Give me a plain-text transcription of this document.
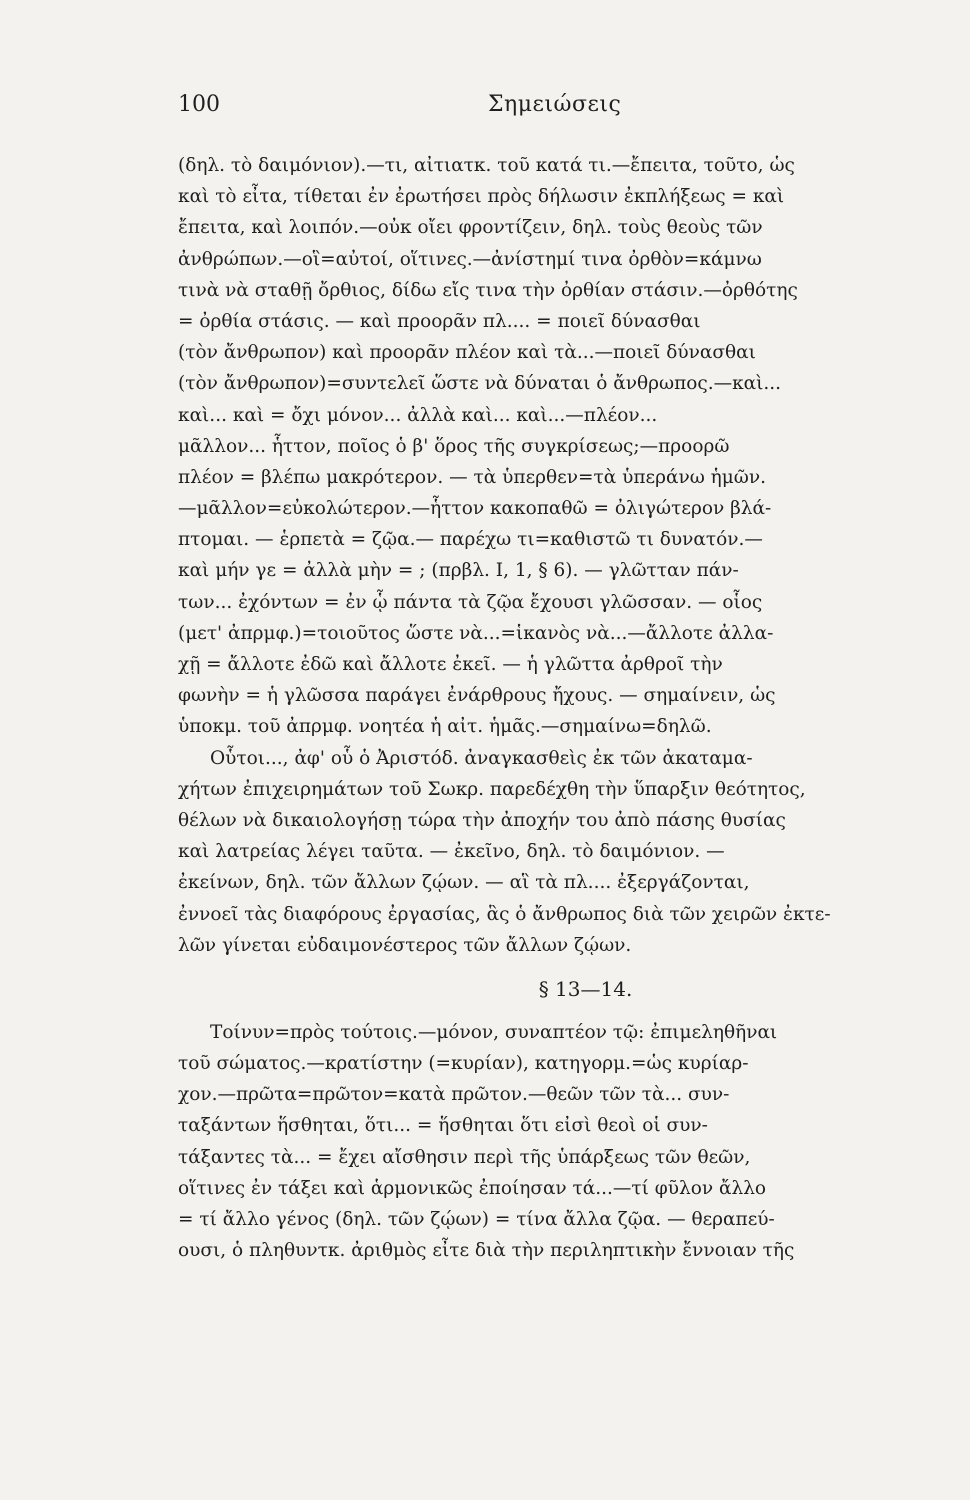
100	Σημειώσεις
(δηλ. τὸ δαιμόνιον).—τι, αἰτιατκ. τοῦ κατά τι.—ἔπειτα, τοῦτο, ὡς
καὶ τὸ εἶτα, τίθεται ἐν ἐρωτήσει πρὸς δήλωσιν ἐκπλήξεως = καὶ
ἔπειτα, καὶ λοιπόν.—οὐκ οἴει φροντίζειν, δηλ. τοὺς θεοὺς τῶν
ἀνθρώπων.—οἳ=αὐτοί, οἵτινες.—ἀνίστημί τινα ὀρθὸν=κάμνω
τινὰ νὰ σταθῇ ὄρθιος, δίδω εἴς τινα τὴν ὀρθίαν στάσιν.—ὀρθότης
= ὀρθία στάσις. — καὶ προορᾶν πλ.... = ποιεῖ δύνασθαι
(τὸν ἄνθρωπον) καὶ προορᾶν πλέον καὶ τὰ...—ποιεῖ δύνασθαι
(τὸν ἄνθρωπον)=συντελεῖ ὥστε νὰ δύναται ὁ ἄνθρωπος.—καὶ...
καὶ... καὶ = ὄχι μόνον... ἀλλὰ καὶ... καὶ...—πλέον...
μᾶλλον... ἧττον, ποῖος ὁ β' ὅρος τῆς συγκρίσεως;—προορῶ
πλέον = βλέπω μακρότερον. — τὰ ὑπερθεν=τὰ ὑπεράνω ἡμῶν.
—μᾶλλον=εὐκολώτερον.—ἧττον κακοπαθῶ = ὀλιγώτερον βλά-
πτομαι. — ἑρπετὰ = ζῷα.— παρέχω τι=καθιστῶ τι δυνατόν.—
καὶ μήν γε = ἀλλὰ μὴν = ; (πρβλ. I, 1, § 6). — γλῶτταν πάν-
των... ἐχόντων = ἐν ᾧ πάντα τὰ ζῷα ἔχουσι γλῶσσαν. — οἷος
(μετ' ἀπρμφ.)=τοιοῦτος ὥστε νὰ...=ἱκανὸς νὰ...—ἄλλοτε ἀλλα-
χῇ = ἄλλοτε ἐδῶ καὶ ἄλλοτε ἐκεῖ. — ἡ γλῶττα ἀρθροῖ τὴν
φωνὴν = ἡ γλῶσσα παράγει ἐνάρθρους ἤχους. — σημαίνειν, ὡς
ὑποκμ. τοῦ ἀπρμφ. νοητέα ἡ αἰτ. ἡμᾶς.—σημαίνω=δηλῶ.
Οὗτοι..., ἀφ' οὗ ὁ Ἀριστόδ. ἀναγκασθεὶς ἐκ τῶν ἀκαταμα-
χήτων ἐπιχειρημάτων τοῦ Σωκρ. παρεδέχθη τὴν ὕπαρξιν θεότητος,
θέλων νὰ δικαιολογήσῃ τώρα τὴν ἀποχήν του ἀπὸ πάσης θυσίας
καὶ λατρείας λέγει ταῦτα. — ἐκεῖνο, δηλ. τὸ δαιμόνιον. —
ἐκείνων, δηλ. τῶν ἄλλων ζῴων. — αἳ τὰ πλ.... ἐξεργάζονται,
ἐννοεῖ τὰς διαφόρους ἐργασίας, ἃς ὁ ἄνθρωπος διὰ τῶν χειρῶν ἐκτε-
λῶν γίνεται εὐδαιμονέστερος τῶν ἄλλων ζῴων.
§ 13—14.
Τοίνυν=πρὸς τούτοις.—μόνον, συναπτέον τῷ: ἐπιμεληθῆναι
τοῦ σώματος.—κρατίστην (=κυρίαν), κατηγορμ.=ὡς κυρίαρ-
χον.—πρῶτα=πρῶτον=κατὰ πρῶτον.—θεῶν τῶν τὰ... συν-
ταξάντων ἥσθηται, ὅτι... = ἥσθηται ὅτι εἰσὶ θεοὶ οἱ συν-
τάξαντες τὰ... = ἔχει αἴσθησιν περὶ τῆς ὑπάρξεως τῶν θεῶν,
οἵτινες ἐν τάξει καὶ ἁρμονικῶς ἐποίησαν τά...—τί φῦλον ἄλλο
= τί ἄλλο γένος (δηλ. τῶν ζῴων) = τίνα ἄλλα ζῷα. — θεραπεύ-
ουσι, ὁ πληθυντκ. ἀριθμὸς εἶτε διὰ τὴν περιληπτικὴν ἔννοιαν τῆς
